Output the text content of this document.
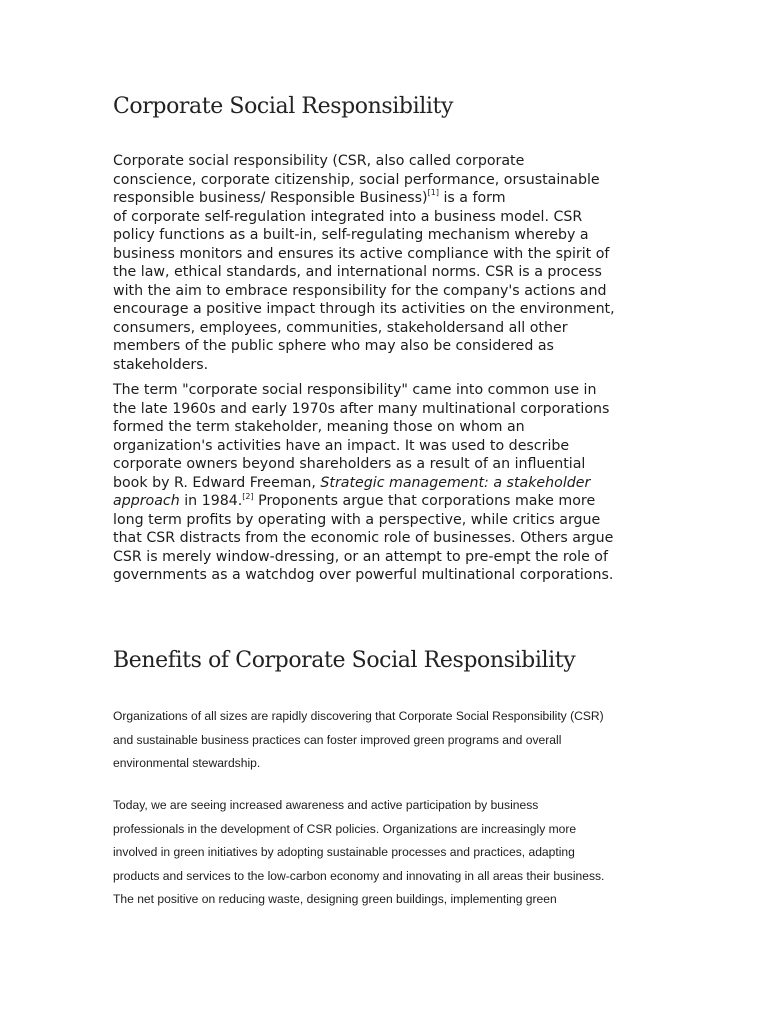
Corporate Social Responsibility
Corporate social responsibility (CSR, also called corporate
conscience, corporate citizenship, social performance, orsustainable
responsible business/ Responsible Business)[1] is a form
of corporate self-regulation integrated into a business model. CSR
policy functions as a built-in, self-regulating mechanism whereby a
business monitors and ensures its active compliance with the spirit of
the law, ethical standards, and international norms. CSR is a process
with the aim to embrace responsibility for the company's actions and
encourage a positive impact through its activities on the environment,
consumers, employees, communities, stakeholdersand all other
members of the public sphere who may also be considered as
stakeholders.
The term "corporate social responsibility" came into common use in
the late 1960s and early 1970s after many multinational corporations
formed the term stakeholder, meaning those on whom an
organization's activities have an impact. It was used to describe
corporate owners beyond shareholders as a result of an influential
book by R. Edward Freeman, Strategic management: a stakeholder
approach in 1984.[2] Proponents argue that corporations make more
long term profits by operating with a perspective, while critics argue
that CSR distracts from the economic role of businesses. Others argue
CSR is merely window-dressing, or an attempt to pre-empt the role of
governments as a watchdog over powerful multinational corporations.
Benefits of Corporate Social Responsibility
Organizations of all sizes are rapidly discovering that Corporate Social Responsibility (CSR)
and sustainable business practices can foster improved green programs and overall
environmental stewardship.
Today, we are seeing increased awareness and active participation by business
professionals in the development of CSR policies. Organizations are increasingly more
involved in green initiatives by adopting sustainable processes and practices, adapting
products and services to the low-carbon economy and innovating in all areas their business.
The net positive on reducing waste, designing green buildings, implementing green
